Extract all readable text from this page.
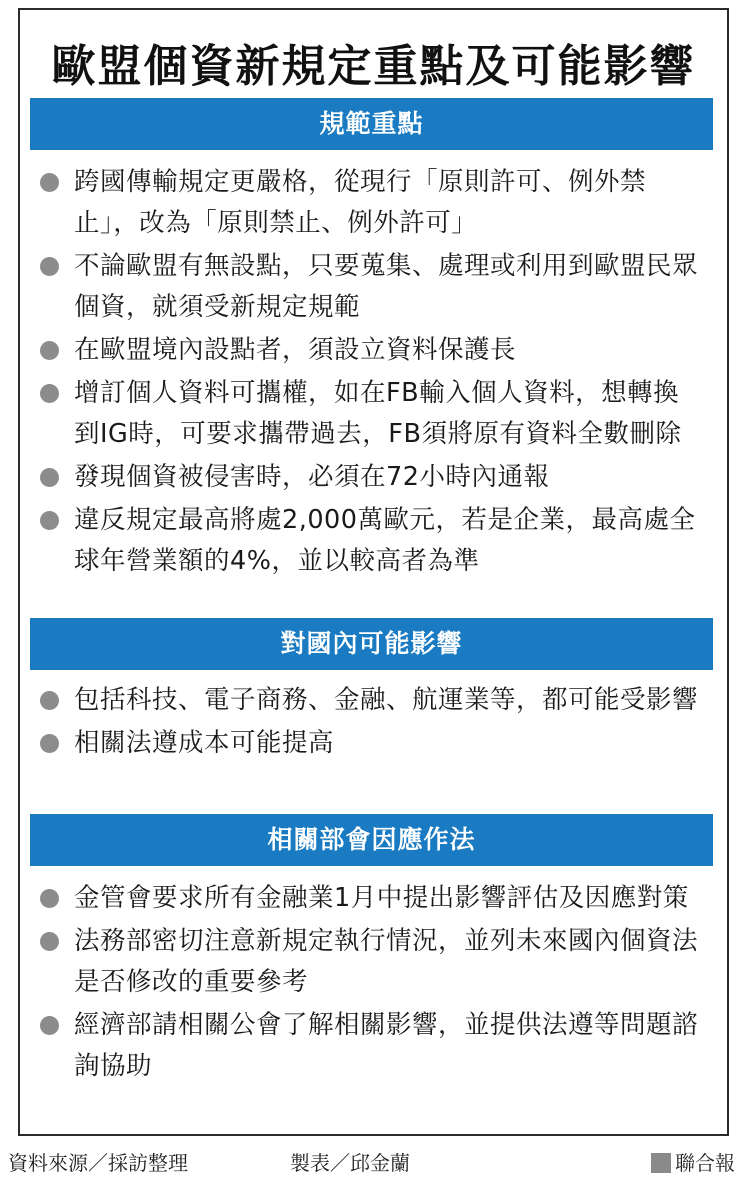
歐盟個資新規定重點及可能影響
規範重點
跨國傳輸規定更嚴格，從現行「原則許可、例外禁止」，改為「原則禁止、例外許可」
不論歐盟有無設點，只要蒐集、處理或利用到歐盟民眾個資，就須受新規定規範
在歐盟境內設點者，須設立資料保護長
增訂個人資料可攜權，如在FB輸入個人資料，想轉換到IG時，可要求攜帶過去，FB須將原有資料全數刪除
發現個資被侵害時，必須在72小時內通報
違反規定最高將處2,000萬歐元，若是企業，最高處全球年營業額的4%，並以較高者為準
對國內可能影響
包括科技、電子商務、金融、航運業等，都可能受影響
相關法遵成本可能提高
相關部會因應作法
金管會要求所有金融業1月中提出影響評估及因應對策
法務部密切注意新規定執行情況，並列未來國內個資法是否修改的重要參考
經濟部請相關公會了解相關影響，並提供法遵等問題諮詢協助
資料來源／採訪整理	製表／邱金蘭	聯合報
